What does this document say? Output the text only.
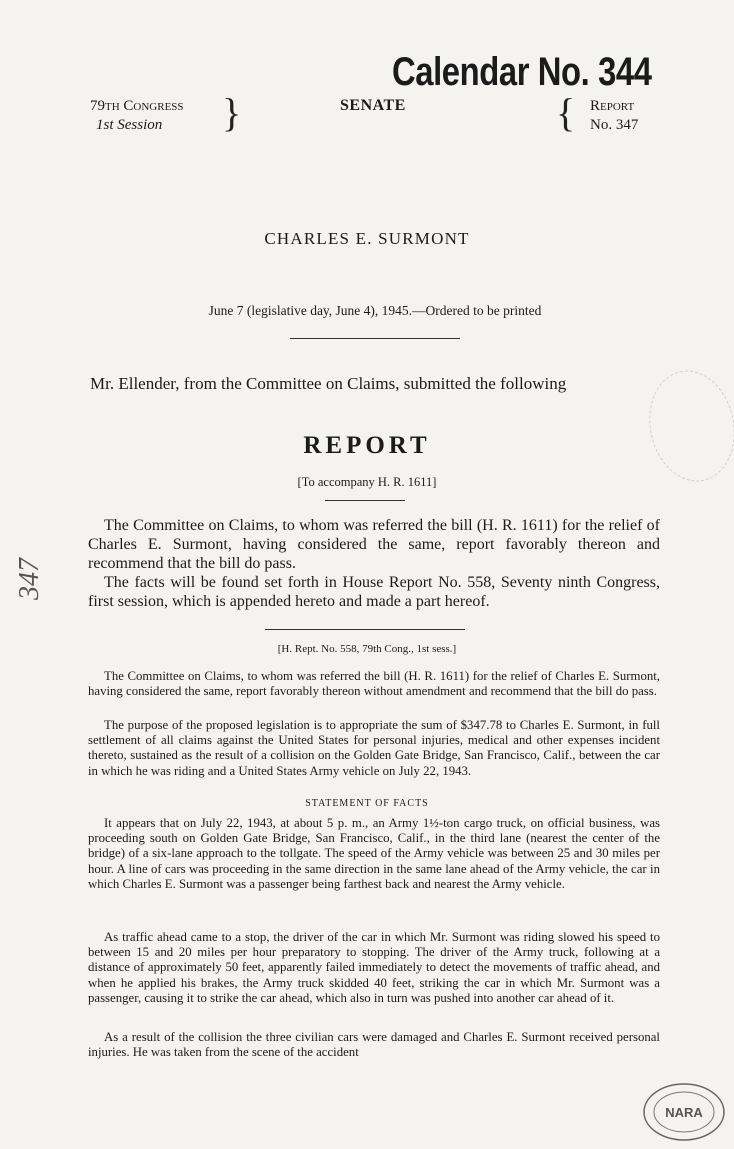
Calendar No. 344
79th Congress
1st Session	}	SENATE	{ Report
No. 347
CHARLES E. SURMONT
June 7 (legislative day, June 4), 1945.—Ordered to be printed
Mr. Ellender, from the Committee on Claims, submitted the following
REPORT
[To accompany H. R. 1611]
The Committee on Claims, to whom was referred the bill (H. R. 1611) for the relief of Charles E. Surmont, having considered the same, report favorably thereon and recommend that the bill do pass.
The facts will be found set forth in House Report No. 558, Seventy ninth Congress, first session, which is appended hereto and made a part hereof.
[H. Rept. No. 558, 79th Cong., 1st sess.]
The Committee on Claims, to whom was referred the bill (H. R. 1611) for the relief of Charles E. Surmont, having considered the same, report favorably thereon without amendment and recommend that the bill do pass.
The purpose of the proposed legislation is to appropriate the sum of $347.78 to Charles E. Surmont, in full settlement of all claims against the United States for personal injuries, medical and other expenses incident thereto, sustained as the result of a collision on the Golden Gate Bridge, San Francisco, Calif., between the car in which he was riding and a United States Army vehicle on July 22, 1943.
STATEMENT OF FACTS
It appears that on July 22, 1943, at about 5 p. m., an Army 1½-ton cargo truck, on official business, was proceeding south on Golden Gate Bridge, San Francisco, Calif., in the third lane (nearest the center of the bridge) of a six-lane approach to the tollgate. The speed of the Army vehicle was between 25 and 30 miles per hour. A line of cars was proceeding in the same direction in the same lane ahead of the Army vehicle, the car in which Charles E. Surmont was a passenger being farthest back and nearest the Army vehicle.
As traffic ahead came to a stop, the driver of the car in which Mr. Surmont was riding slowed his speed to between 15 and 20 miles per hour preparatory to stopping. The driver of the Army truck, following at a distance of approximately 50 feet, apparently failed immediately to detect the movements of traffic ahead, and when he applied his brakes, the Army truck skidded 40 feet, striking the car in which Mr. Surmont was a passenger, causing it to strike the car ahead, which also in turn was pushed into another car ahead of it.
As a result of the collision the three civilian cars were damaged and Charles E. Surmont received personal injuries. He was taken from the scene of the accident
347
NARA
